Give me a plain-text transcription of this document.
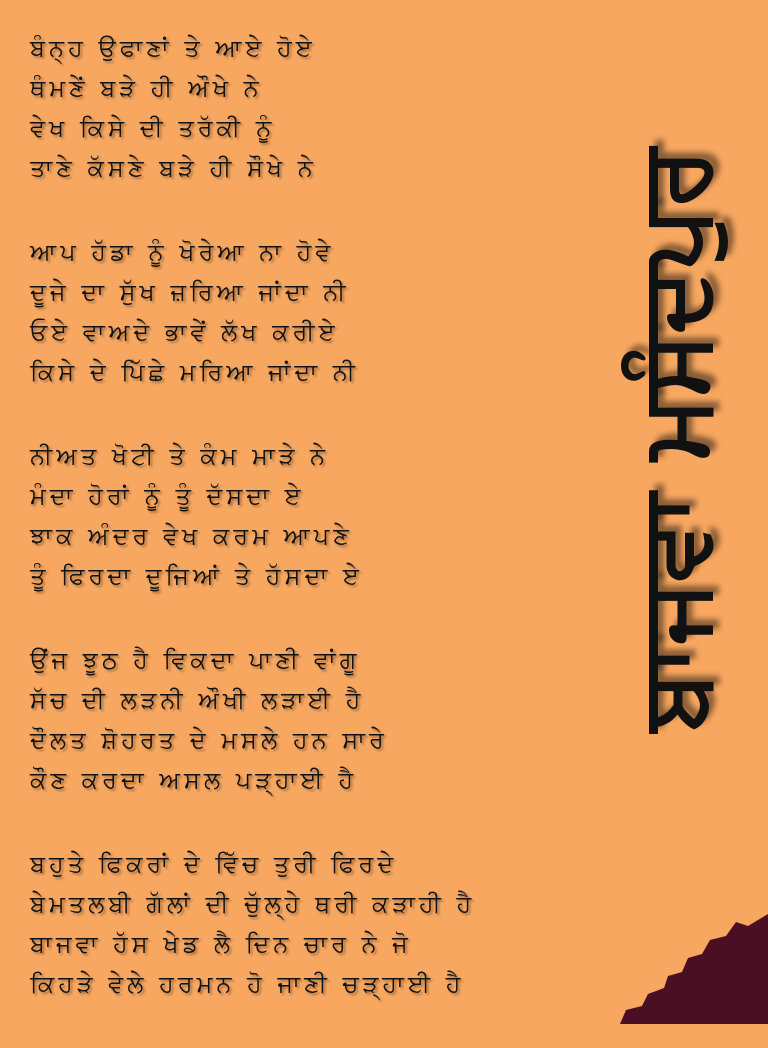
ਬੰਨ੍ਹ ਉਫਾਣਾਂ ਤੇ ਆਏ ਹੋਏ
ਥੰਮਣੇਂ ਬੜੇ ਹੀ ਔਖੇ ਨੇ
ਵੇਖ ਕਿਸੇ ਦੀ ਤਰੱਕੀ ਨੂੰ
ਤਾਣੇ ਕੱਸਣੇ ਬੜੇ ਹੀ ਸੌਖੇ ਨੇ
ਆਪ ਹੱਡਾ ਨੂੰ ਖੋਰੇਆ ਨਾ ਹੋਵੇ
ਦੂਜੇ ਦਾ ਸੁੱਖ ਜ਼ਰਿਆ ਜਾਂਦਾ ਨੀ
ਓਏ ਵਾਅਦੇ ਭਾਵੇਂ ਲੱਖ ਕਰੀਏ
ਕਿਸੇ ਦੇ ਪਿੱਛੇ ਮਰਿਆ ਜਾਂਦਾ ਨੀ
ਨੀਅਤ ਖੋਟੀ ਤੇ ਕੰਮ ਮਾੜੇ ਨੇ
ਮੰਦਾ ਹੋਰਾਂ ਨੂੰ ਤੂੰ ਦੱਸਦਾ ਏ
ਝਾਕ ਅੰਦਰ ਵੇਖ ਕਰਮ ਆਪਣੇ
ਤੂੰ ਫਿਰਦਾ ਦੂਜਿਆਂ ਤੇ ਹੱਸਦਾ ਏ
ਉਂਜ ਝੂਠ ਹੈ ਵਿਕਦਾ ਪਾਣੀ ਵਾਂਗੂ
ਸੱਚ ਦੀ ਲੜਨੀ ਔਖੀ ਲੜਾਈ ਹੈ
ਦੌਲਤ ਸ਼ੋਹਰਤ ਦੇ ਮਸਲੇ ਹਨ ਸਾਰੇ
ਕੌਣ ਕਰਦਾ ਅਸਲ ਪੜ੍ਹਾਈ ਹੈ
ਬਹੁਤੇ ਫਿਕਰਾਂ ਦੇ ਵਿੱਚ ਤੁਰੀ ਫਿਰਦੇ
ਬੇਮਤਲਬੀ ਗੱਲਾਂ ਦੀ ਚੁੱਲ੍ਹੇ ਥਰੀ ਕੜਾਹੀ ਹੈ
ਬਾਜਵਾ ਹੱਸ ਖੇਡ ਲੈ ਦਿਨ ਚਾਰ ਨੇ ਜੋ
ਕਿਹੜੇ ਵੇਲੇ ਹਰਮਨ ਹੋ ਜਾਣੀ ਚੜ੍ਹਾਈ ਹੈ
ਬਾਜਵਾ ਮਸੰਦਪੁਰ
